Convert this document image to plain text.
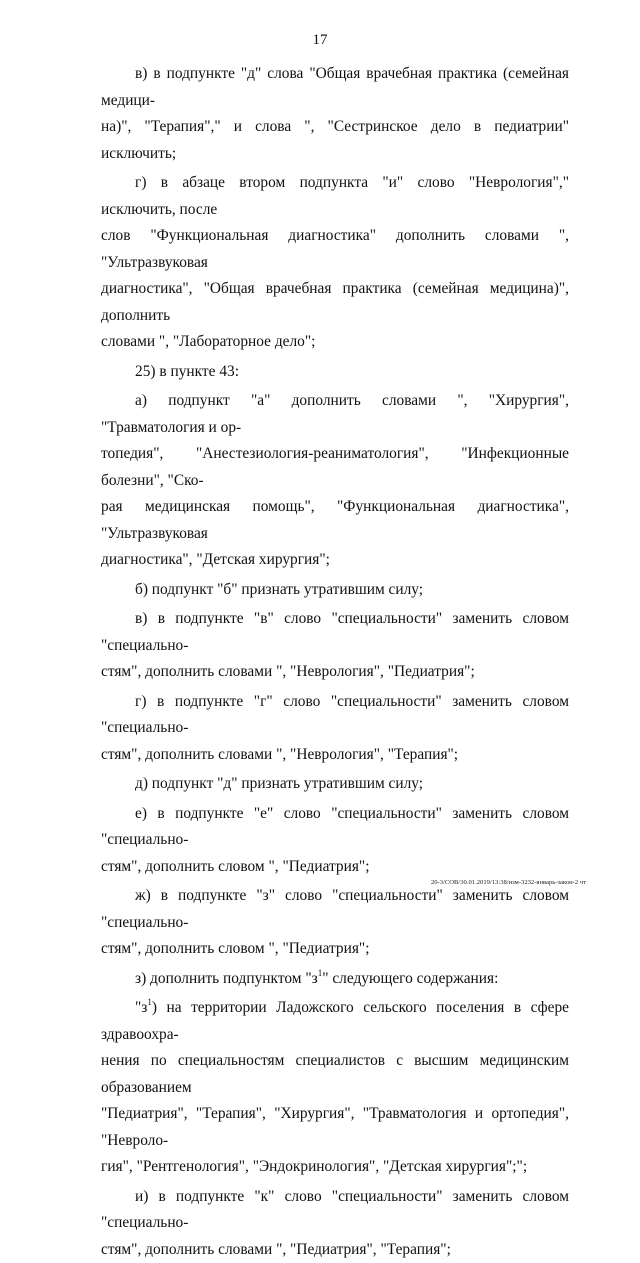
17

в) в подпункте "д" слова "Общая врачебная практика (семейная медици-
на)", "Терапия"," и слова ", "Сестринское дело в педиатрии" исключить;

г) в абзаце втором подпункта "и" слово "Неврология"," исключить, после
слов "Функциональная диагностика" дополнить словами ", "Ультразвуковая
диагностика", "Общая врачебная практика (семейная медицина)", дополнить
словами ", "Лабораторное дело";

25) в пункте 43:

а) подпункт "а" дополнить словами ", "Хирургия", "Травматология и ор-
топедия", "Анестезиология-реаниматология", "Инфекционные болезни", "Ско-
рая медицинская помощь", "Функциональная диагностика", "Ультразвуковая
диагностика", "Детская хирургия";

б) подпункт "б" признать утратившим силу;

в) в подпункте "в" слово "специальности" заменить словом "специально-
стям", дополнить словами ", "Неврология", "Педиатрия";

г) в подпункте "г" слово "специальности" заменить словом "специально-
стям", дополнить словами ", "Неврология", "Терапия";

д) подпункт "д" признать утратившим силу;

е) в подпункте "е" слово "специальности" заменить словом "специально-
стям", дополнить словом ", "Педиатрия";

ж) в подпункте "з" слово "специальности" заменить словом "специально-
стям", дополнить словом ", "Педиатрия";

з) дополнить подпунктом "$з^1$" следующего содержания:

"$з^1$) на территории Ладожского сельского поселения в сфере здравоохра-
нения по специальностям специалистов с высшим медицинским образованием
"Педиатрия", "Терапия", "Хирургия", "Травматология и ортопедия", "Невроло-
гия", "Рентгенология", "Эндокринология", "Детская хирургия";";

и) в подпункте "к" слово "специальности" заменить словом "специально-
стям", дополнить словами ", "Педиатрия", "Терапия";

20-3/СОВ/30.01.2019/13:38/изм-3232-январь-закон-2 чт
